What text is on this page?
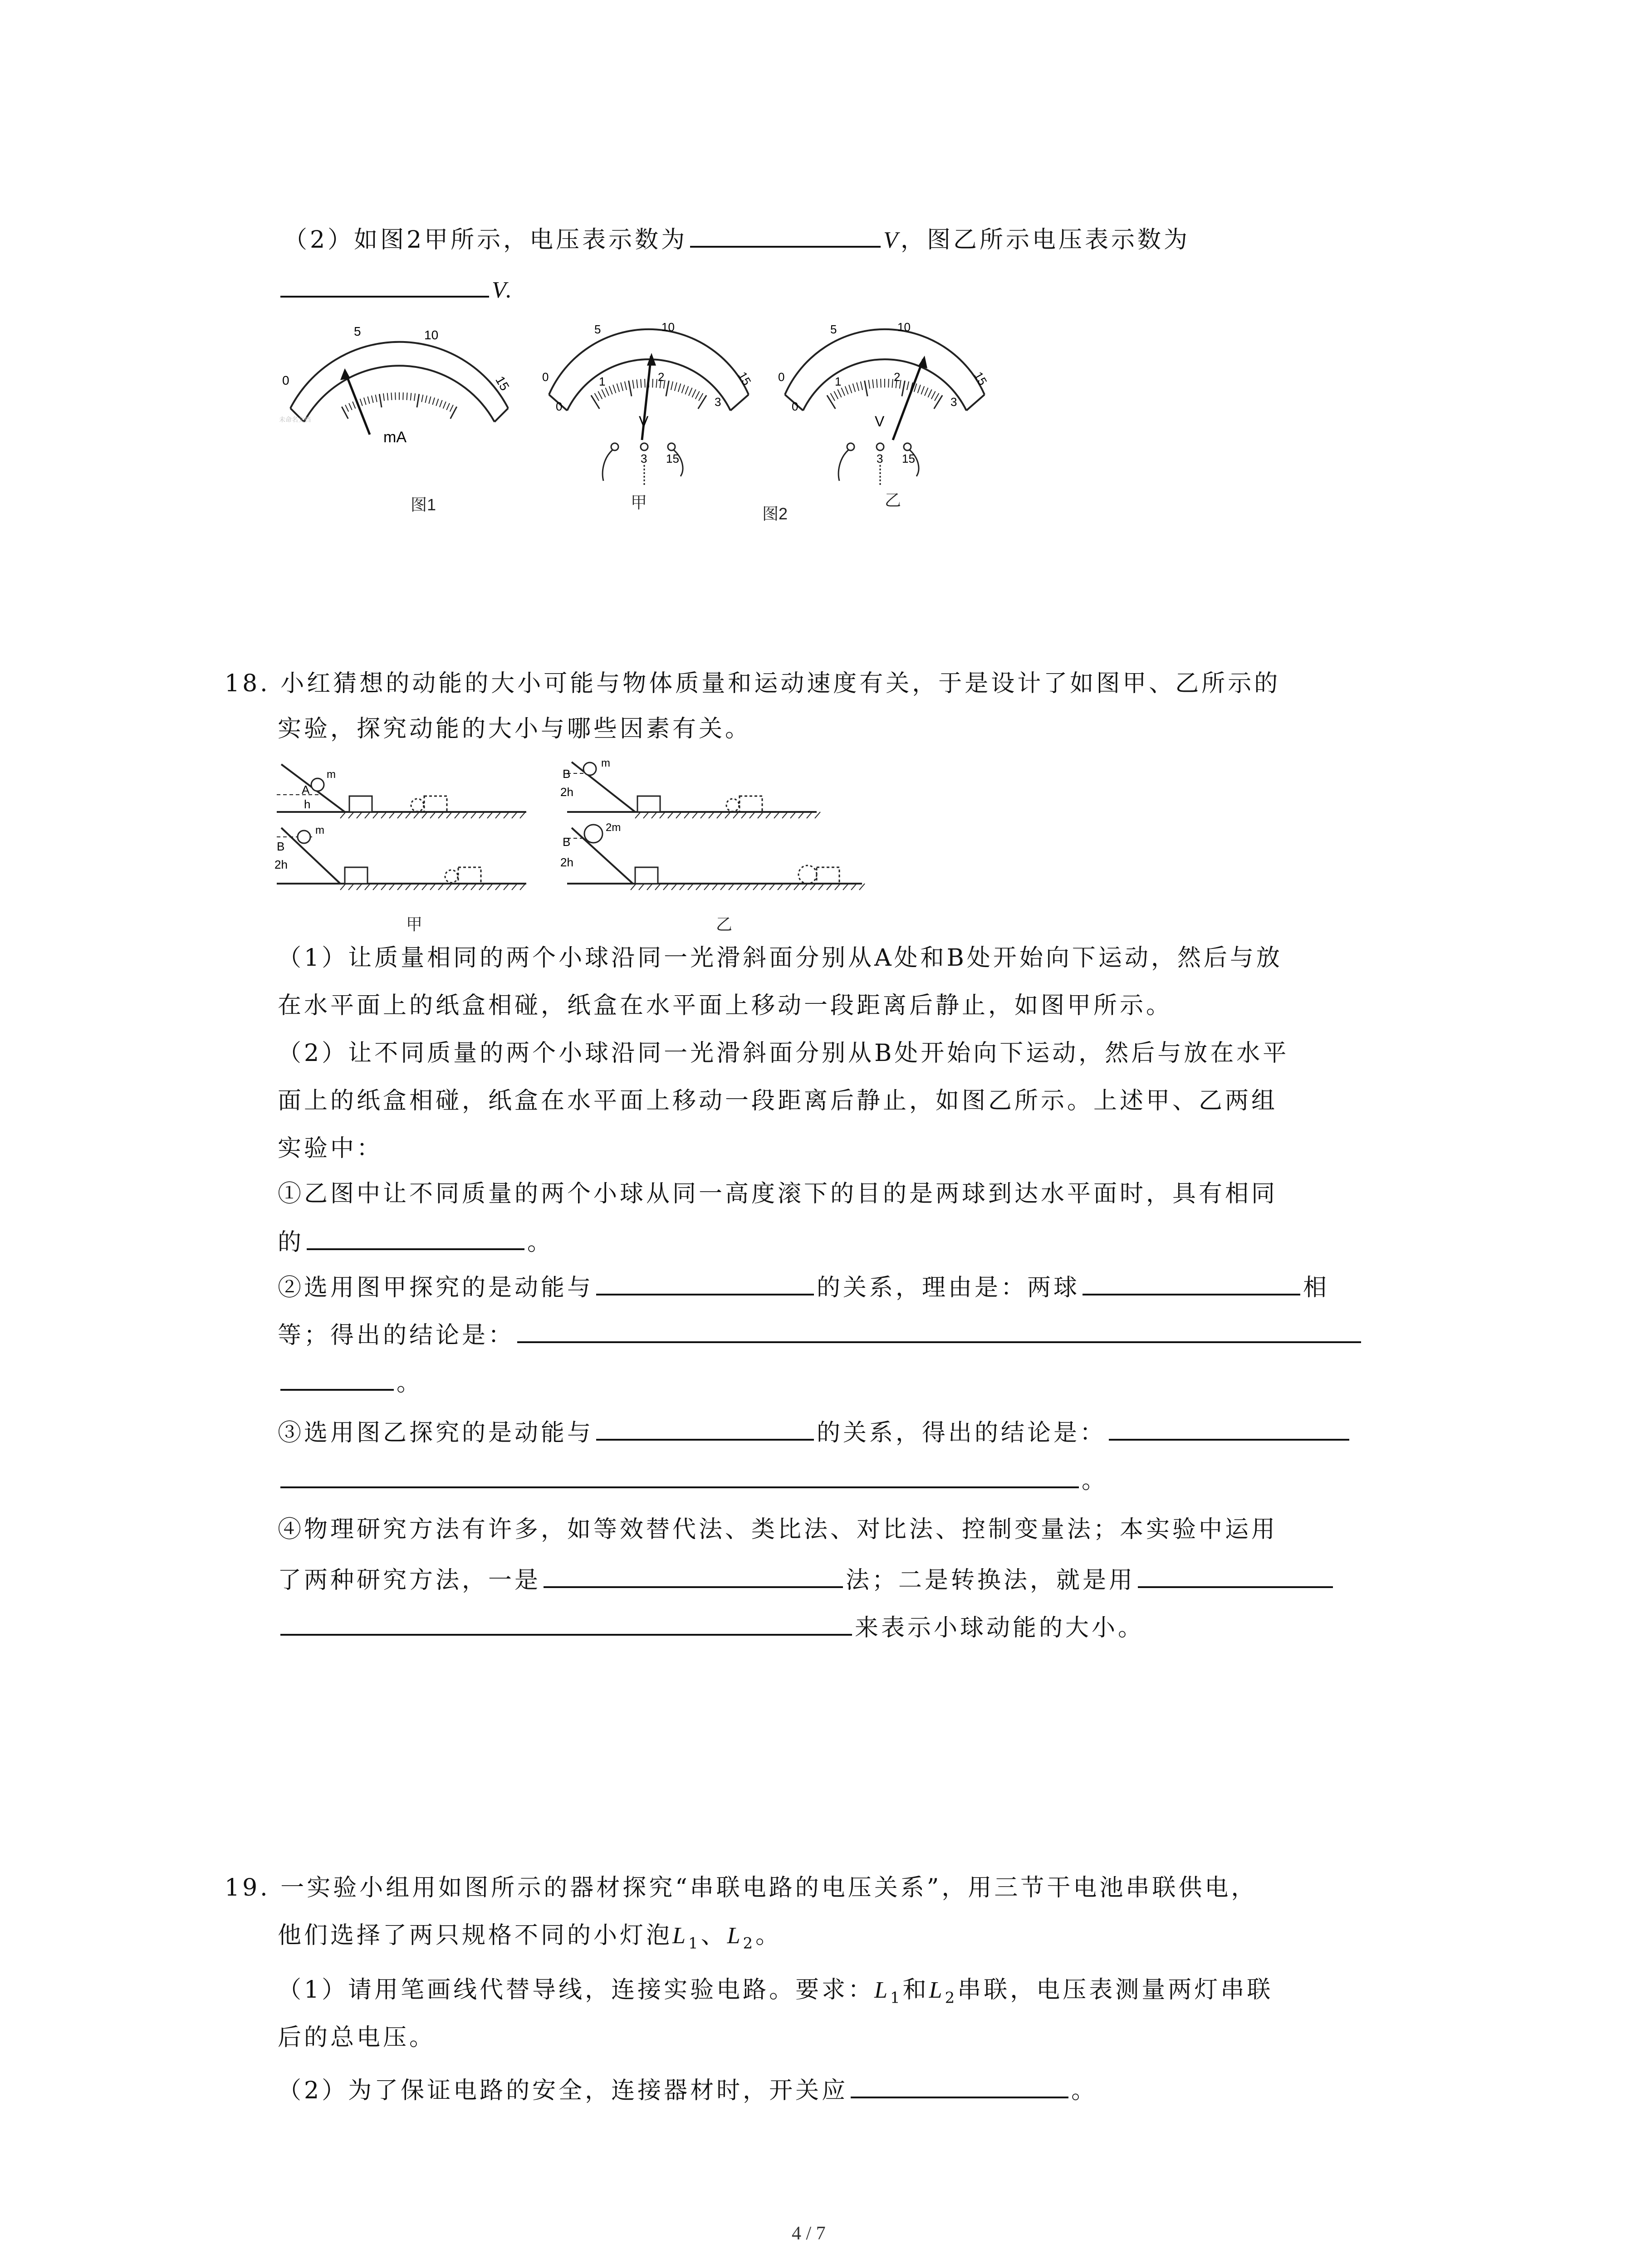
（2）如图2甲所示，电压表示数为	V，图乙所示电压表示数为
V.
0
5	10
15
mA
未命名文档
图1
0
5	10
15
0
1	2
3
V
3 15
甲
0
5	10
15
0
1	2
3
V
3 15
图2
乙
18. 小红猜想的动能的大小可能与物体质量和运动速度有关，于是设计了如图甲、乙所示的
实验，探究动能的大小与哪些因素有关。
A
h
m
B
2h
m
B
2h
m
B
2h
2m
甲	乙
（1）让质量相同的两个小球沿同一光滑斜面分别从A处和B处开始向下运动，然后与放
在水平面上的纸盒相碰，纸盒在水平面上移动一段距离后静止，如图甲所示。
（2）让不同质量的两个小球沿同一光滑斜面分别从B处开始向下运动，然后与放在水平
面上的纸盒相碰，纸盒在水平面上移动一段距离后静止，如图乙所示。上述甲、乙两组
实验中：
①乙图中让不同质量的两个小球从同一高度滚下的目的是两球到达水平面时，具有相同
的	。
②选用图甲探究的是动能与	的关系，理由是：两球	相
等；得出的结论是：
。
③选用图乙探究的是动能与	的关系，得出的结论是：
。
④物理研究方法有许多，如等效替代法、类比法、对比法、控制变量法；本实验中运用
了两种研究方法，一是	法；二是转换法，就是用
来表示小球动能的大小。
19. 一实验小组用如图所示的器材探究“串联电路的电压关系”，用三节干电池串联供电，
他们选择了两只规格不同的小灯泡$L_1$、$L_2$。
（1）请用笔画线代替导线，连接实验电路。要求：$L_1$和$L_2$串联，电压表测量两灯串联
后的总电压。
（2）为了保证电路的安全，连接器材时，开关应	。
4 / 7
